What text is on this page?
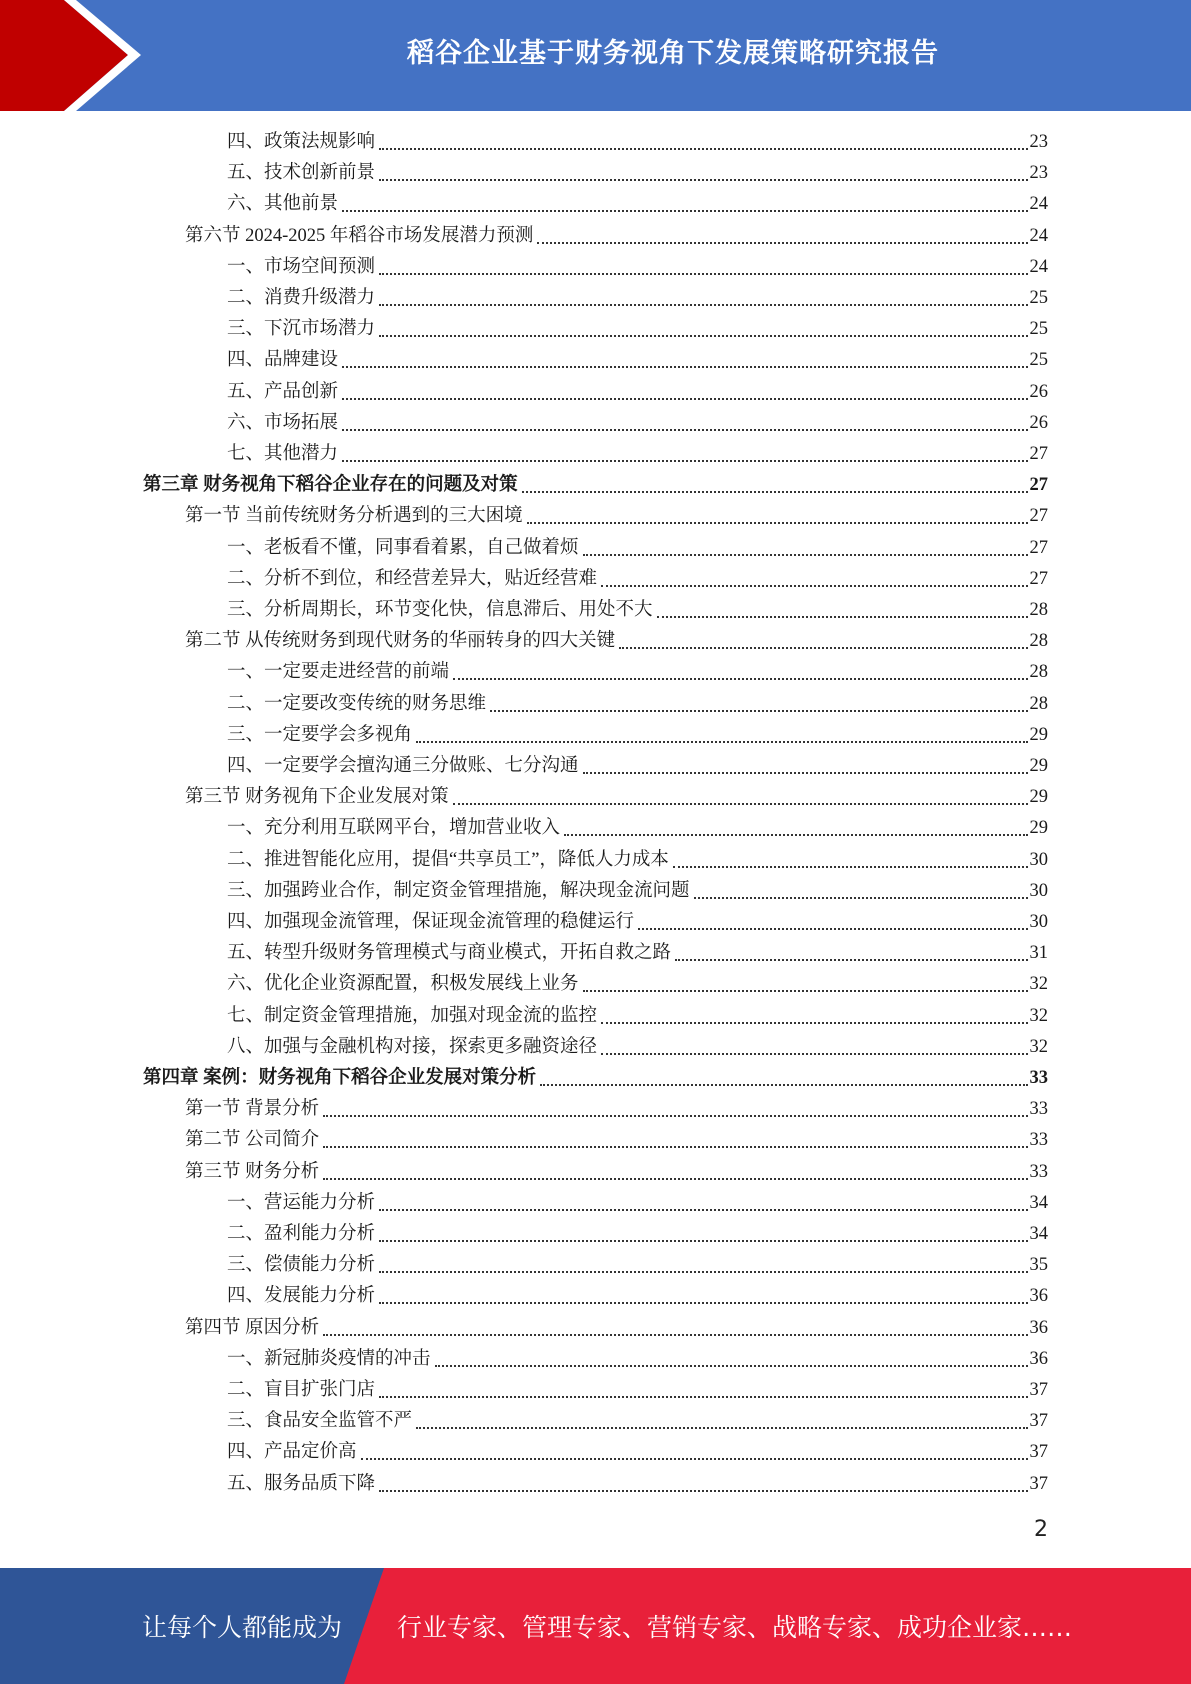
稻谷企业基于财务视角下发展策略研究报告
四、政策法规影响	23
五、技术创新前景	23
六、其他前景	24
第六节 2024-2025 年稻谷市场发展潜力预测	24
一、市场空间预测	24
二、消费升级潜力	25
三、下沉市场潜力	25
四、品牌建设	25
五、产品创新	26
六、市场拓展	26
七、其他潜力	27
第三章 财务视角下稻谷企业存在的问题及对策	27
第一节 当前传统财务分析遇到的三大困境	27
一、老板看不懂，同事看着累，自己做着烦	27
二、分析不到位，和经营差异大，贴近经营难	27
三、分析周期长，环节变化快，信息滞后、用处不大	28
第二节 从传统财务到现代财务的华丽转身的四大关键	28
一、一定要走进经营的前端	28
二、一定要改变传统的财务思维	28
三、一定要学会多视角	29
四、一定要学会擅沟通三分做账、七分沟通	29
第三节 财务视角下企业发展对策	29
一、充分利用互联网平台，增加营业收入	29
二、推进智能化应用，提倡“共享员工”，降低人力成本	30
三、加强跨业合作，制定资金管理措施，解决现金流问题	30
四、加强现金流管理，保证现金流管理的稳健运行	30
五、转型升级财务管理模式与商业模式，开拓自救之路	31
六、优化企业资源配置，积极发展线上业务	32
七、制定资金管理措施，加强对现金流的监控	32
八、加强与金融机构对接，探索更多融资途径	32
第四章 案例：财务视角下稻谷企业发展对策分析	33
第一节 背景分析	33
第二节 公司简介	33
第三节 财务分析	33
一、营运能力分析	34
二、盈利能力分析	34
三、偿债能力分析	35
四、发展能力分析	36
第四节 原因分析	36
一、新冠肺炎疫情的冲击	36
二、盲目扩张门店	37
三、食品安全监管不严	37
四、产品定价高	37
五、服务品质下降	37
2
让每个人都能成为 行业专家、管理专家、营销专家、战略专家、成功企业家……
